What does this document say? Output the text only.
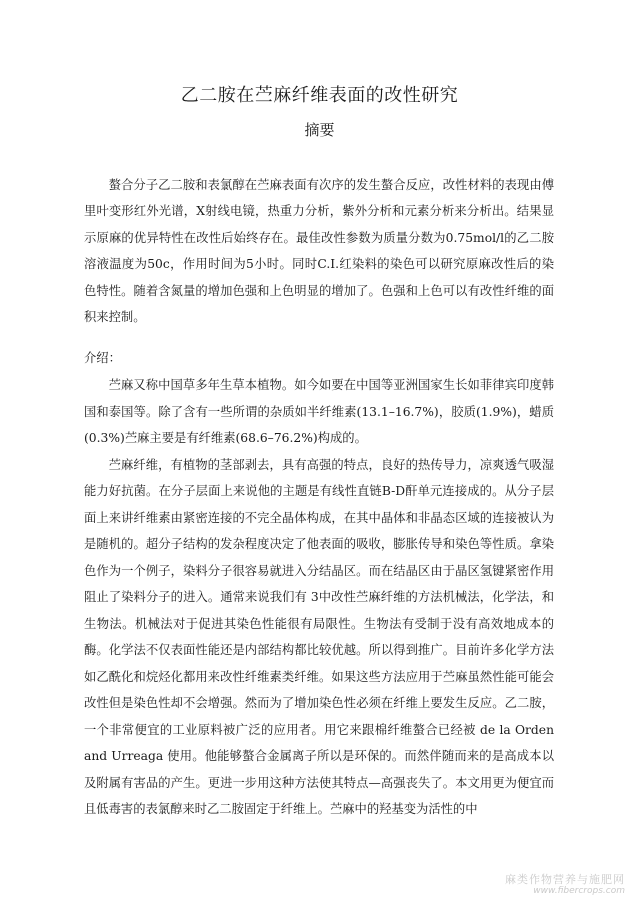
乙二胺在苎麻纤维表面的改性研究
摘要

螯合分子乙二胺和表氯醇在苎麻表面有次序的发生螯合反应，改性材料的表现由傅里叶变形红外光谱，X射线电镜，热重力分析，紫外分析和元素分析来分析出。结果显示原麻的优异特性在改性后始终存在。最佳改性参数为质量分数为0.75mol/l的乙二胺溶液温度为50c，作用时间为5小时。同时C.I.红染料的染色可以研究原麻改性后的染色特性。随着含氮量的增加色强和上色明显的增加了。色强和上色可以有改性纤维的面积来控制。

介绍：

苎麻又称中国草多年生草本植物。如今如要在中国等亚洲国家生长如菲律宾印度韩国和泰国等。除了含有一些所谓的杂质如半纤维素(13.1–16.7%)，胶质(1.9%)，蜡质(0.3%)苎麻主要是有纤维素(68.6–76.2%)构成的。

苎麻纤维，有植物的茎部剥去，具有高强的特点，良好的热传导力，凉爽透气吸湿能力好抗菌。在分子层面上来说他的主题是有线性直链B-D酐单元连接成的。从分子层面上来讲纤维素由紧密连接的不完全晶体构成，在其中晶体和非晶态区域的连接被认为是随机的。超分子结构的发杂程度决定了他表面的吸收，膨胀传导和染色等性质。拿染色作为一个例子，染料分子很容易就进入分结晶区。而在结晶区由于晶区氢键紧密作用阻止了染料分子的进入。通常来说我们有 3中改性苎麻纤维的方法机械法，化学法，和生物法。机械法对于促进其染色性能很有局限性。生物法有受制于没有高效地成本的酶。化学法不仅表面性能还是内部结构都比较优越。所以得到推广。目前许多化学方法如乙酰化和烷烃化都用来改性纤维素类纤维。如果这些方法应用于苎麻虽然性能可能会改性但是染色性却不会增强。然而为了增加染色性必须在纤维上要发生反应。乙二胺，一个非常便宜的工业原料被广泛的应用者。用它来跟棉纤维螯合已经被 de la Orden and Urreaga 使用。他能够螯合金属离子所以是环保的。而然伴随而来的是高成本以及附属有害品的产生。更进一步用这种方法使其特点—高强丧失了。本文用更为便宜而且低毒害的表氯醇来时乙二胺固定于纤维上。苎麻中的羟基变为活性的中

麻类作物营养与施肥网
www.fibercrops.com
